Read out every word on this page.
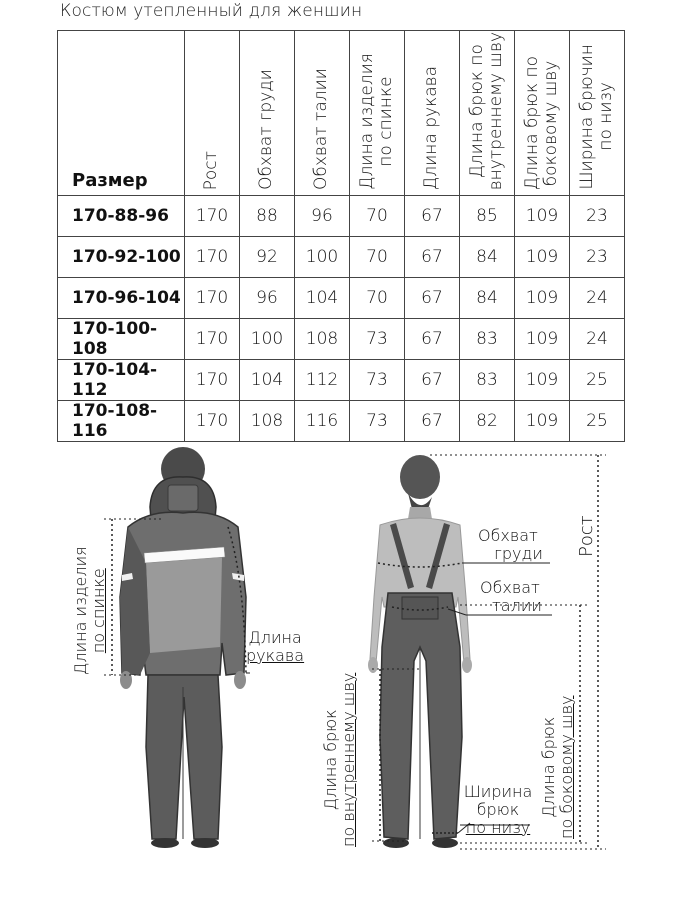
Костюм утепленный для женшин
Размер	Рост	Обхват груди	Обхват талии	Длина изделия по спинке	Длина рукава	Длина брюк по внутреннему шву	Длина брюк по боковому шву	Ширина брючин по низу

170-88-96	170	88	96	70	67	85	109	23
170-92-100	170	92	100	70	67	84	109	23
170-96-104	170	96	104	70	67	84	109	24
170-100-108	170	100	108	73	67	83	109	24
170-104-112	170	104	112	73	67	83	109	25
170-108-116	170	108	116	73	67	82	109	25
Длина изделия по спинке	Длина
рукава
Обхват
груди
Обхват
талии
Рост
Длина брюк по внутреннему шву	Длина брюк по боковому шву
Ширина
брюк
по низу
